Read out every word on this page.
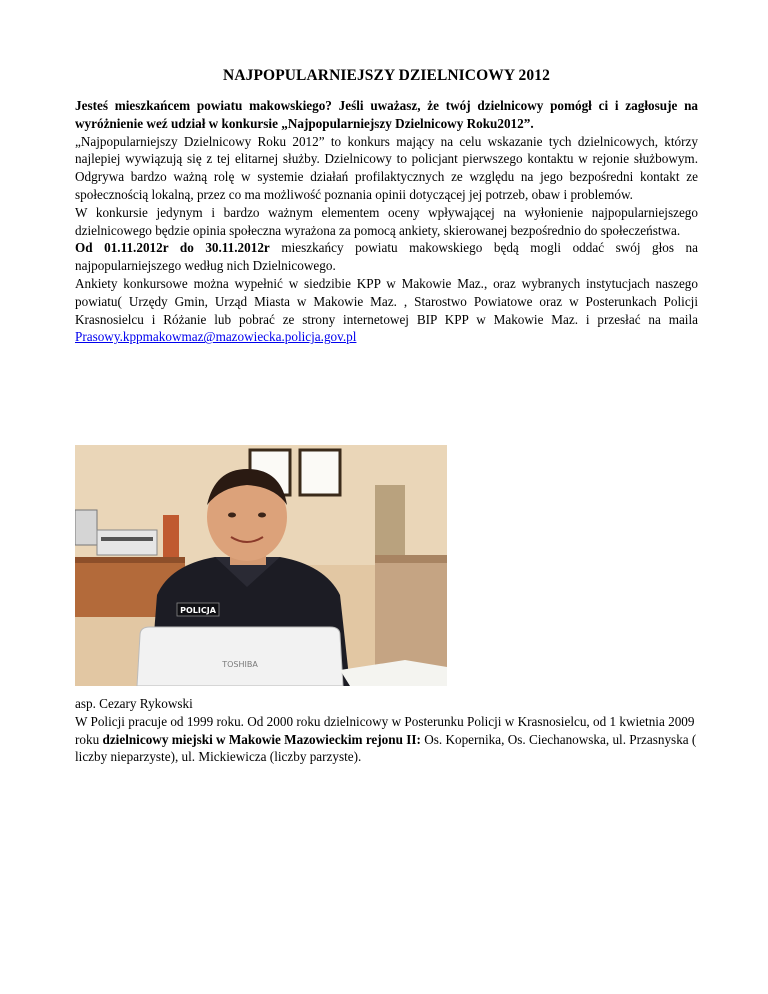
NAJPOPULARNIEJSZY DZIELNICOWY 2012

Jesteś mieszkańcem powiatu makowskiego? Jeśli uważasz, że twój dzielnicowy pomógł ci i zagłosuje na wyróżnienie weź udział w konkursie „Najpopularniejszy Dzielnicowy Roku2012”.

„Najpopularniejszy Dzielnicowy Roku 2012” to konkurs mający na celu wskazanie tych dzielnicowych, którzy najlepiej wywiązują się z tej elitarnej służby. Dzielnicowy to policjant pierwszego kontaktu w rejonie służbowym. Odgrywa bardzo ważną rolę w systemie działań profilaktycznych ze względu na jego bezpośredni kontakt ze społecznością lokalną, przez co ma możliwość poznania opinii dotyczącej jej potrzeb, obaw i problemów.

W konkursie jedynym i bardzo ważnym elementem oceny wpływającej na wyłonienie najpopularniejszego dzielnicowego będzie opinia społeczna wyrażona za pomocą ankiety, skierowanej bezpośrednio do społeczeństwa.

Od 01.11.2012r do 30.11.2012r mieszkańcy powiatu makowskiego będą mogli oddać swój głos na najpopularniejszego według nich Dzielnicowego.

Ankiety konkursowe można wypełnić w siedzibie KPP w Makowie Maz., oraz wybranych instytucjach naszego powiatu( Urzędy Gmin, Urząd Miasta w Makowie Maz. , Starostwo Powiatowe oraz w Posterunkach Policji Krasnosielcu i Różanie lub pobrać ze strony internetowej BIP KPP w Makowie Maz. i przesłać na maila Prasowy.kppmakowmaz@mazowiecka.policja.gov.pl

POLICJA
TOSHIBA

asp. Cezary Rykowski

W Policji pracuje od 1999 roku. Od 2000 roku dzielnicowy w Posterunku Policji w Krasnosielcu, od 1 kwietnia 2009 roku dzielnicowy miejski w Makowie Mazowieckim rejonu II: Os. Kopernika, Os. Ciechanowska, ul. Przasnyska ( liczby nieparzyste), ul. Mickiewicza (liczby parzyste).
